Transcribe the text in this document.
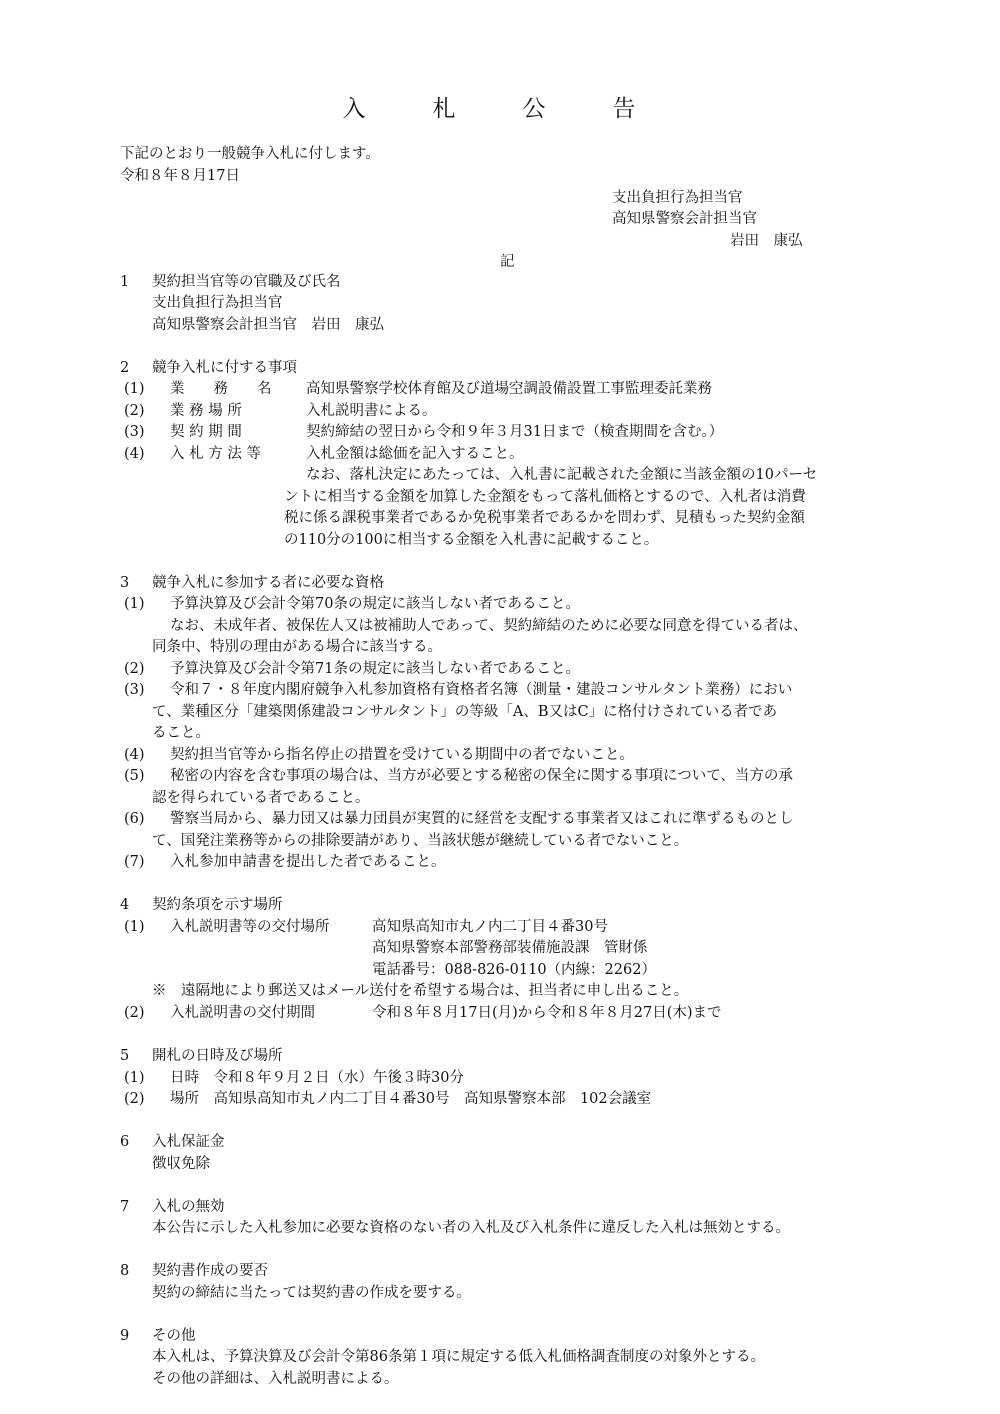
入　札　公　告
下記のとおり一般競争入札に付します。
令和８年８月17日
支出負担行為担当官
高知県警察会計担当官
岩田　康弘
記
1 契約担当官等の官職及び氏名
支出負担行為担当官
高知県警察会計担当官　岩田　康弘
2 競争入札に付する事項
(1) 業　　務　　名 高知県警察学校体育館及び道場空調設備設置工事監理委託業務
(2) 業 務 場 所	入札説明書による。
(3) 契 約 期 間	契約締結の翌日から令和９年３月31日まで（検査期間を含む。）
(4) 入 札 方 法 等	入札金額は総価を記入すること。
なお、落札決定にあたっては、入札書に記載された金額に当該金額の10パーセ
ントに相当する金額を加算した金額をもって落札価格とするので、入札者は消費
税に係る課税事業者であるか免税事業者であるかを問わず、見積もった契約金額
の110分の100に相当する金額を入札書に記載すること。
3 競争入札に参加する者に必要な資格
(1) 予算決算及び会計令第70条の規定に該当しない者であること。
なお、未成年者、被保佐人又は被補助人であって、契約締結のために必要な同意を得ている者は、
同条中、特別の理由がある場合に該当する。
(2) 予算決算及び会計令第71条の規定に該当しない者であること。
(3) 令和７・８年度内閣府競争入札参加資格有資格者名簿（測量・建設コンサルタント業務）におい
て、業種区分「建築関係建設コンサルタント」の等級「A、B又はC」に格付けされている者であ
ること。
(4) 契約担当官等から指名停止の措置を受けている期間中の者でないこと。
(5) 秘密の内容を含む事項の場合は、当方が必要とする秘密の保全に関する事項について、当方の承
認を得られている者であること。
(6) 警察当局から、暴力団又は暴力団員が実質的に経営を支配する事業者又はこれに準ずるものとし
て、国発注業務等からの排除要請があり、当該状態が継続している者でないこと。
(7) 入札参加申請書を提出した者であること。
4 契約条項を示す場所
(1) 入札説明書等の交付場所	高知県高知市丸ノ内二丁目４番30号
高知県警察本部警務部装備施設課　管財係
電話番号：088-826-0110（内線：2262）
※　遠隔地により郵送又はメール送付を希望する場合は、担当者に申し出ること。
(2) 入札説明書の交付期間	令和８年８月17日(月)から令和８年８月27日(木)まで
5 開札の日時及び場所
(1) 日時　令和８年９月２日（水）午後３時30分
(2) 場所　高知県高知市丸ノ内二丁目４番30号　高知県警察本部　102会議室
6 入札保証金
徴収免除
7 入札の無効
本公告に示した入札参加に必要な資格のない者の入札及び入札条件に違反した入札は無効とする。
8 契約書作成の要否
契約の締結に当たっては契約書の作成を要する。
9 その他
本入札は、予算決算及び会計令第86条第１項に規定する低入札価格調査制度の対象外とする。
その他の詳細は、入札説明書による。
